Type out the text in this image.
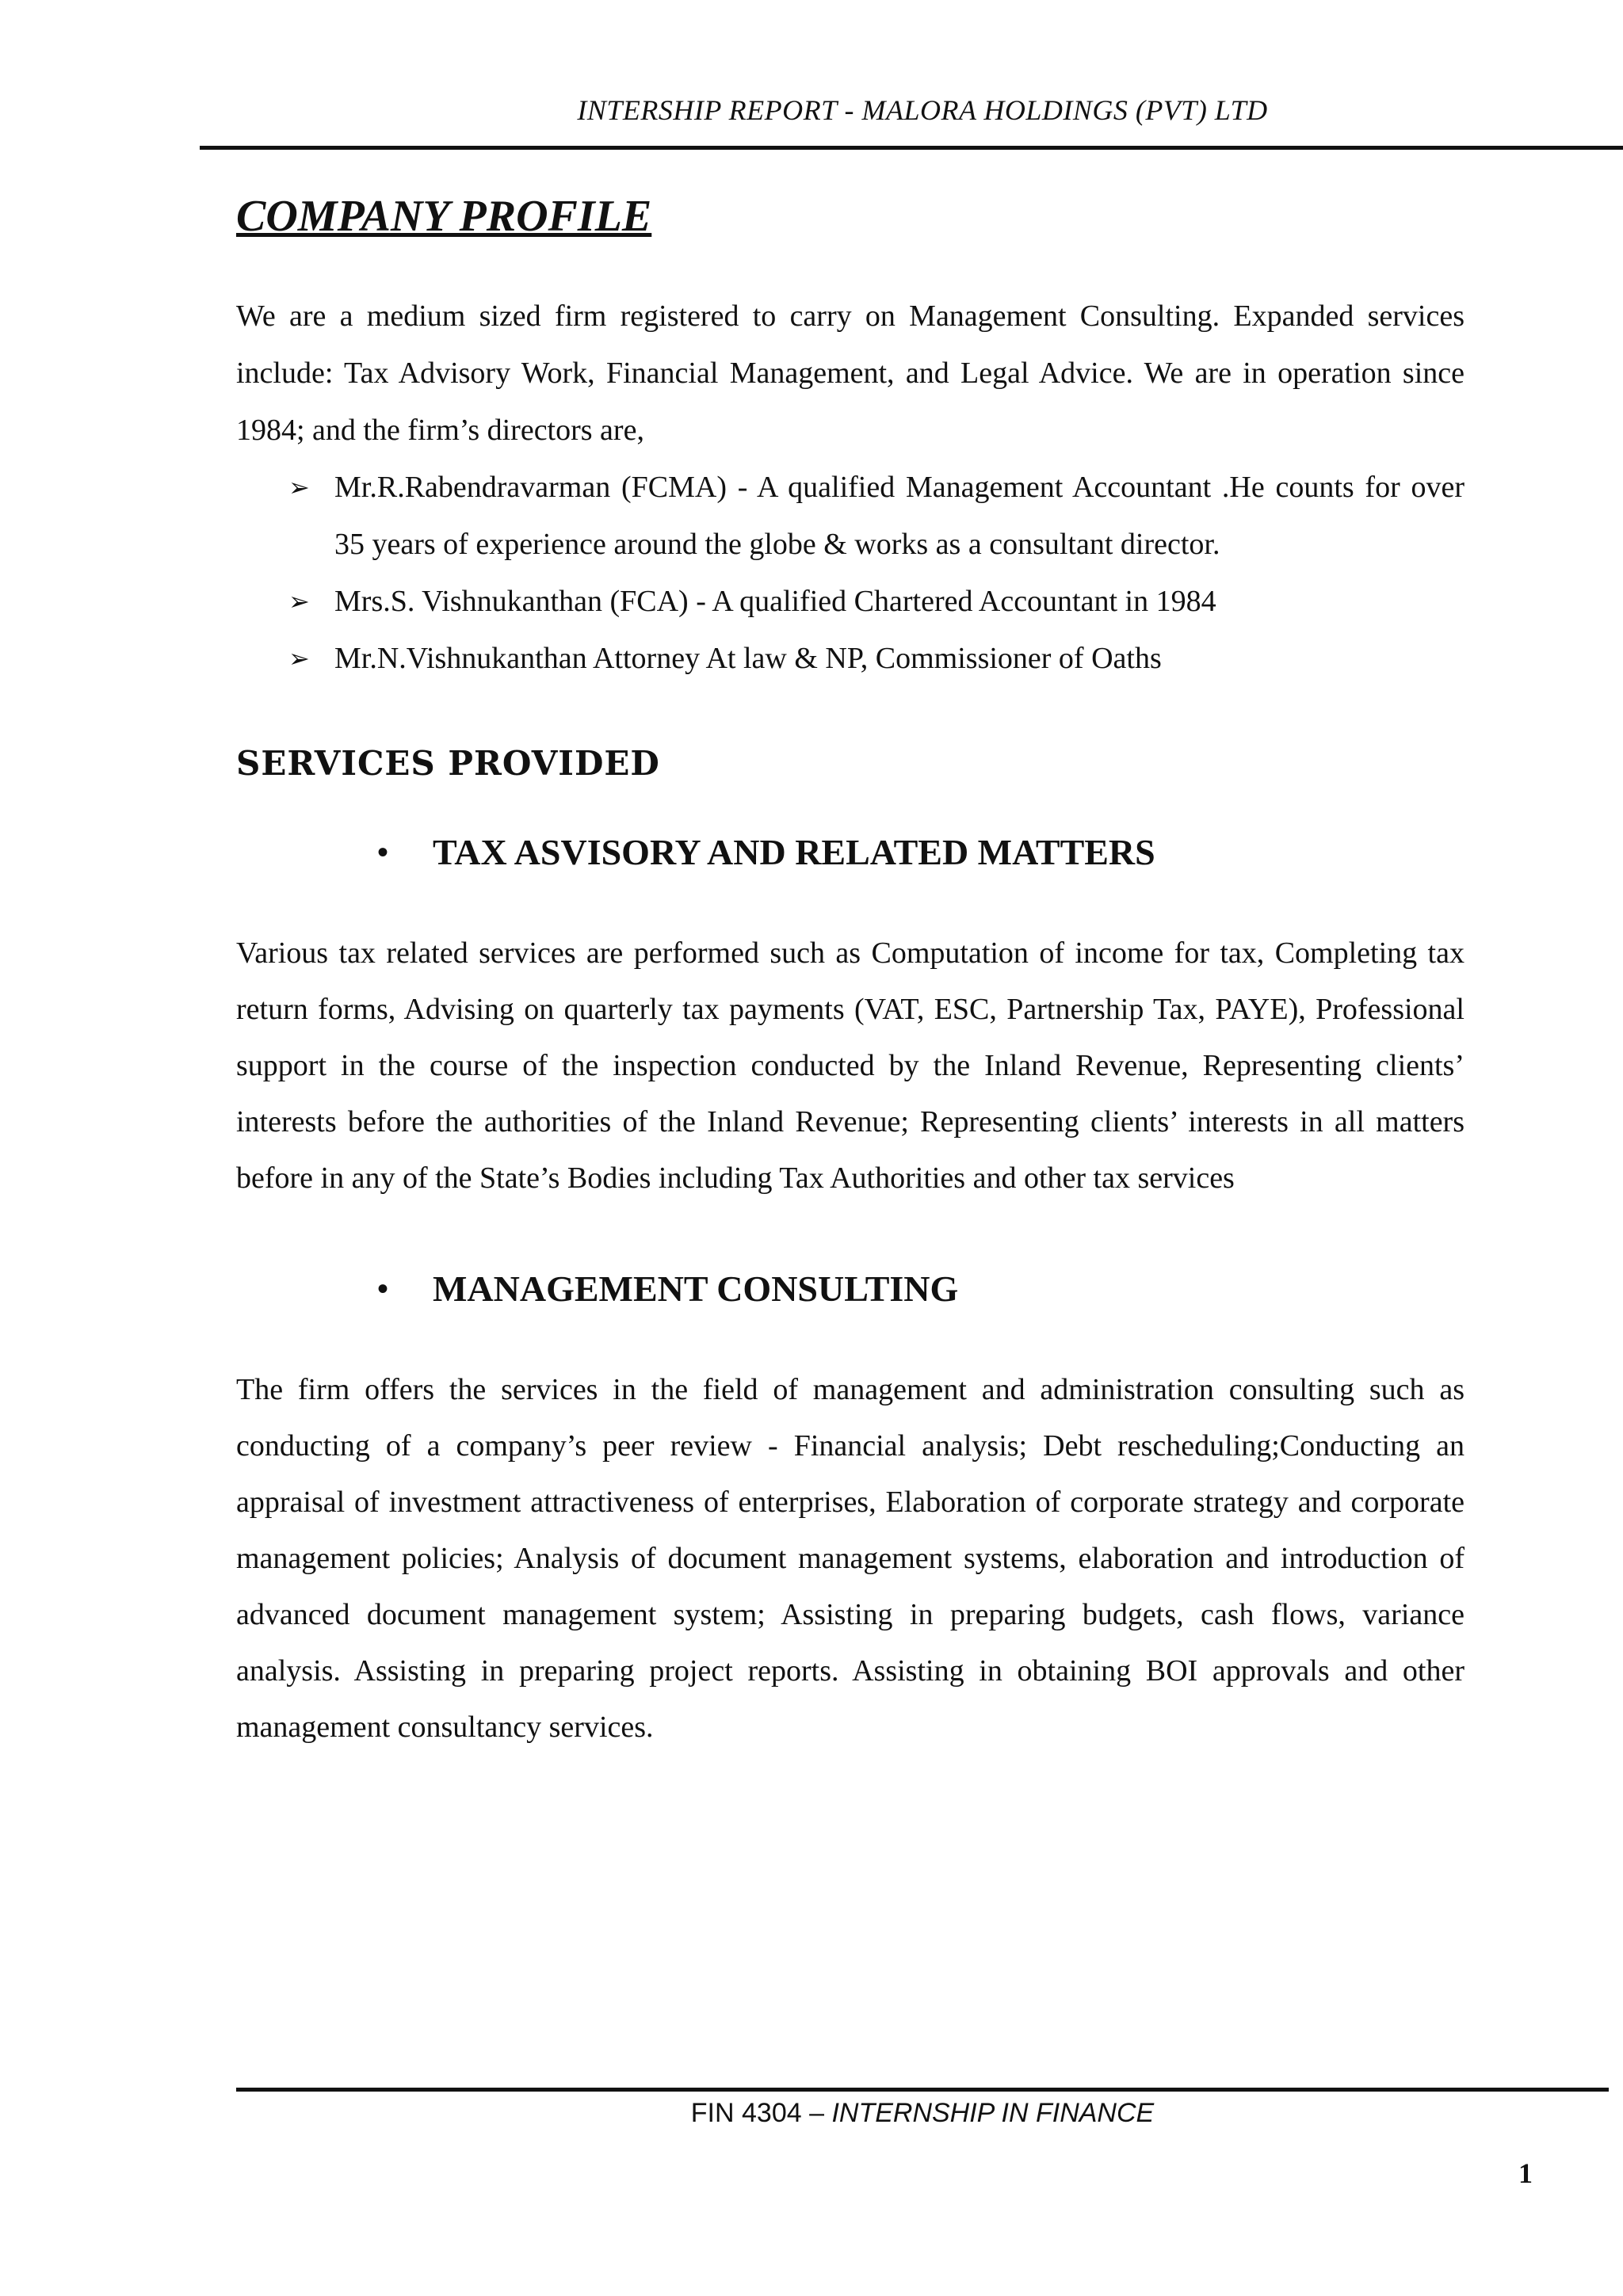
INTERSHIP REPORT - MALORA HOLDINGS (PVT) LTD
COMPANY PROFILE

We are a medium sized firm registered to carry on Management Consulting. Expanded services include: Tax Advisory Work, Financial Management, and Legal Advice. We are in operation since 1984; and the firm’s directors are,

➢ Mr.R.Rabendravarman (FCMA) - A qualified Management Accountant .He counts for over 35 years of experience around the globe & works as a consultant director.
➢ Mrs.S. Vishnukanthan (FCA) - A qualified Chartered Accountant in 1984
➢ Mr.N.Vishnukanthan Attorney At law & NP, Commissioner of Oaths
SERVICES PROVIDED
• TAX ASVISORY AND RELATED MATTERS

Various tax related services are performed such as Computation of income for tax, Completing tax return forms, Advising on quarterly tax payments (VAT, ESC, Partnership Tax, PAYE), Professional support in the course of the inspection conducted by the Inland Revenue, Representing clients’ interests before the authorities of the Inland Revenue; Representing clients’ interests in all matters before in any of the State’s Bodies including Tax Authorities and other tax services

• MANAGEMENT CONSULTING

The firm offers the services in the field of management and administration consulting such as conducting of a company’s peer review - Financial analysis; Debt rescheduling;Conducting an appraisal of investment attractiveness of enterprises, Elaboration of corporate strategy and corporate management policies; Analysis of document management systems, elaboration and introduction of advanced document management system; Assisting in preparing budgets, cash flows, variance analysis. Assisting in preparing project reports. Assisting in obtaining BOI approvals and other management consultancy services.

FIN 4304 – INTERNSHIP IN FINANCE
1
